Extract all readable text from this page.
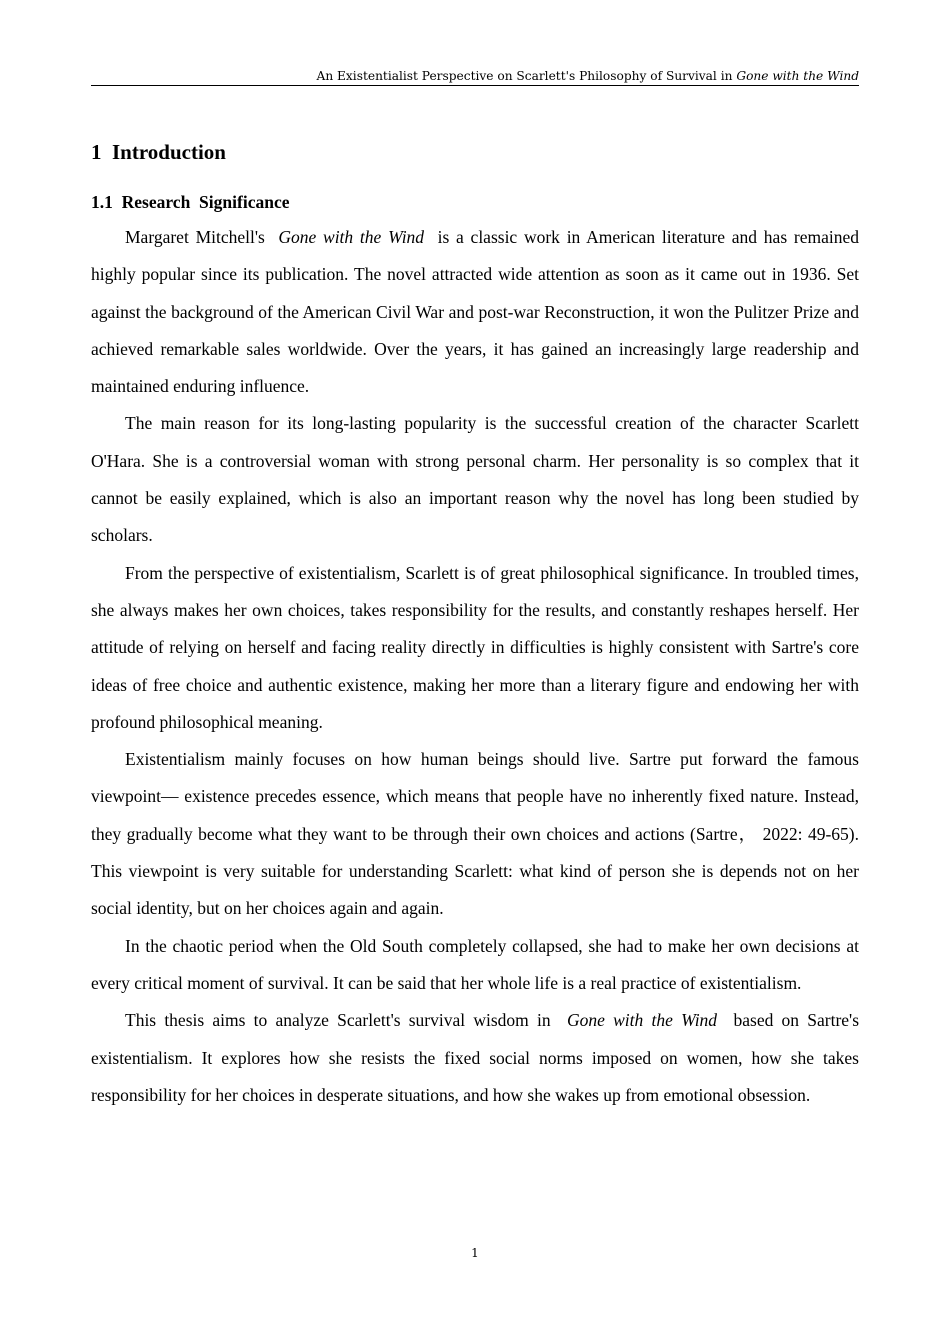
An Existentialist Perspective on Scarlett's Philosophy of Survival in Gone with the Wind
1  Introduction
1.1  Research  Significance

Margaret Mitchell's  Gone with the Wind  is a classic work in American literature and has remained highly popular since its publication. The novel attracted wide attention as soon as it came out in 1936. Set against the background of the American Civil War and post-war Reconstruction, it won the Pulitzer Prize and achieved remarkable sales worldwide. Over the years, it has gained an increasingly large readership and maintained enduring influence.

The main reason for its long-lasting popularity is the successful creation of the character Scarlett O'Hara. She is a controversial woman with strong personal charm. Her personality is so complex that it cannot be easily explained, which is also an important reason why the novel has long been studied by scholars.

From the perspective of existentialism, Scarlett is of great philosophical significance. In troubled times, she always makes her own choices, takes responsibility for the results, and constantly reshapes herself. Her attitude of relying on herself and facing reality directly in difficulties is highly consistent with Sartre's core ideas of free choice and authentic existence, making her more than a literary figure and endowing her with profound philosophical meaning.

Existentialism mainly focuses on how human beings should live. Sartre put forward the famous viewpoint— existence precedes essence, which means that people have no inherently fixed nature. Instead, they gradually become what they want to be through their own choices and actions (Sartre， 2022: 49-65). This viewpoint is very suitable for understanding Scarlett: what kind of person she is depends not on her social identity, but on her choices again and again.

In the chaotic period when the Old South completely collapsed, she had to make her own decisions at every critical moment of survival. It can be said that her whole life is a real practice of existentialism.

This thesis aims to analyze Scarlett's survival wisdom in  Gone with the Wind  based on Sartre's existentialism. It explores how she resists the fixed social norms imposed on women, how she takes responsibility for her choices in desperate situations, and how she wakes up from emotional obsession.

1
